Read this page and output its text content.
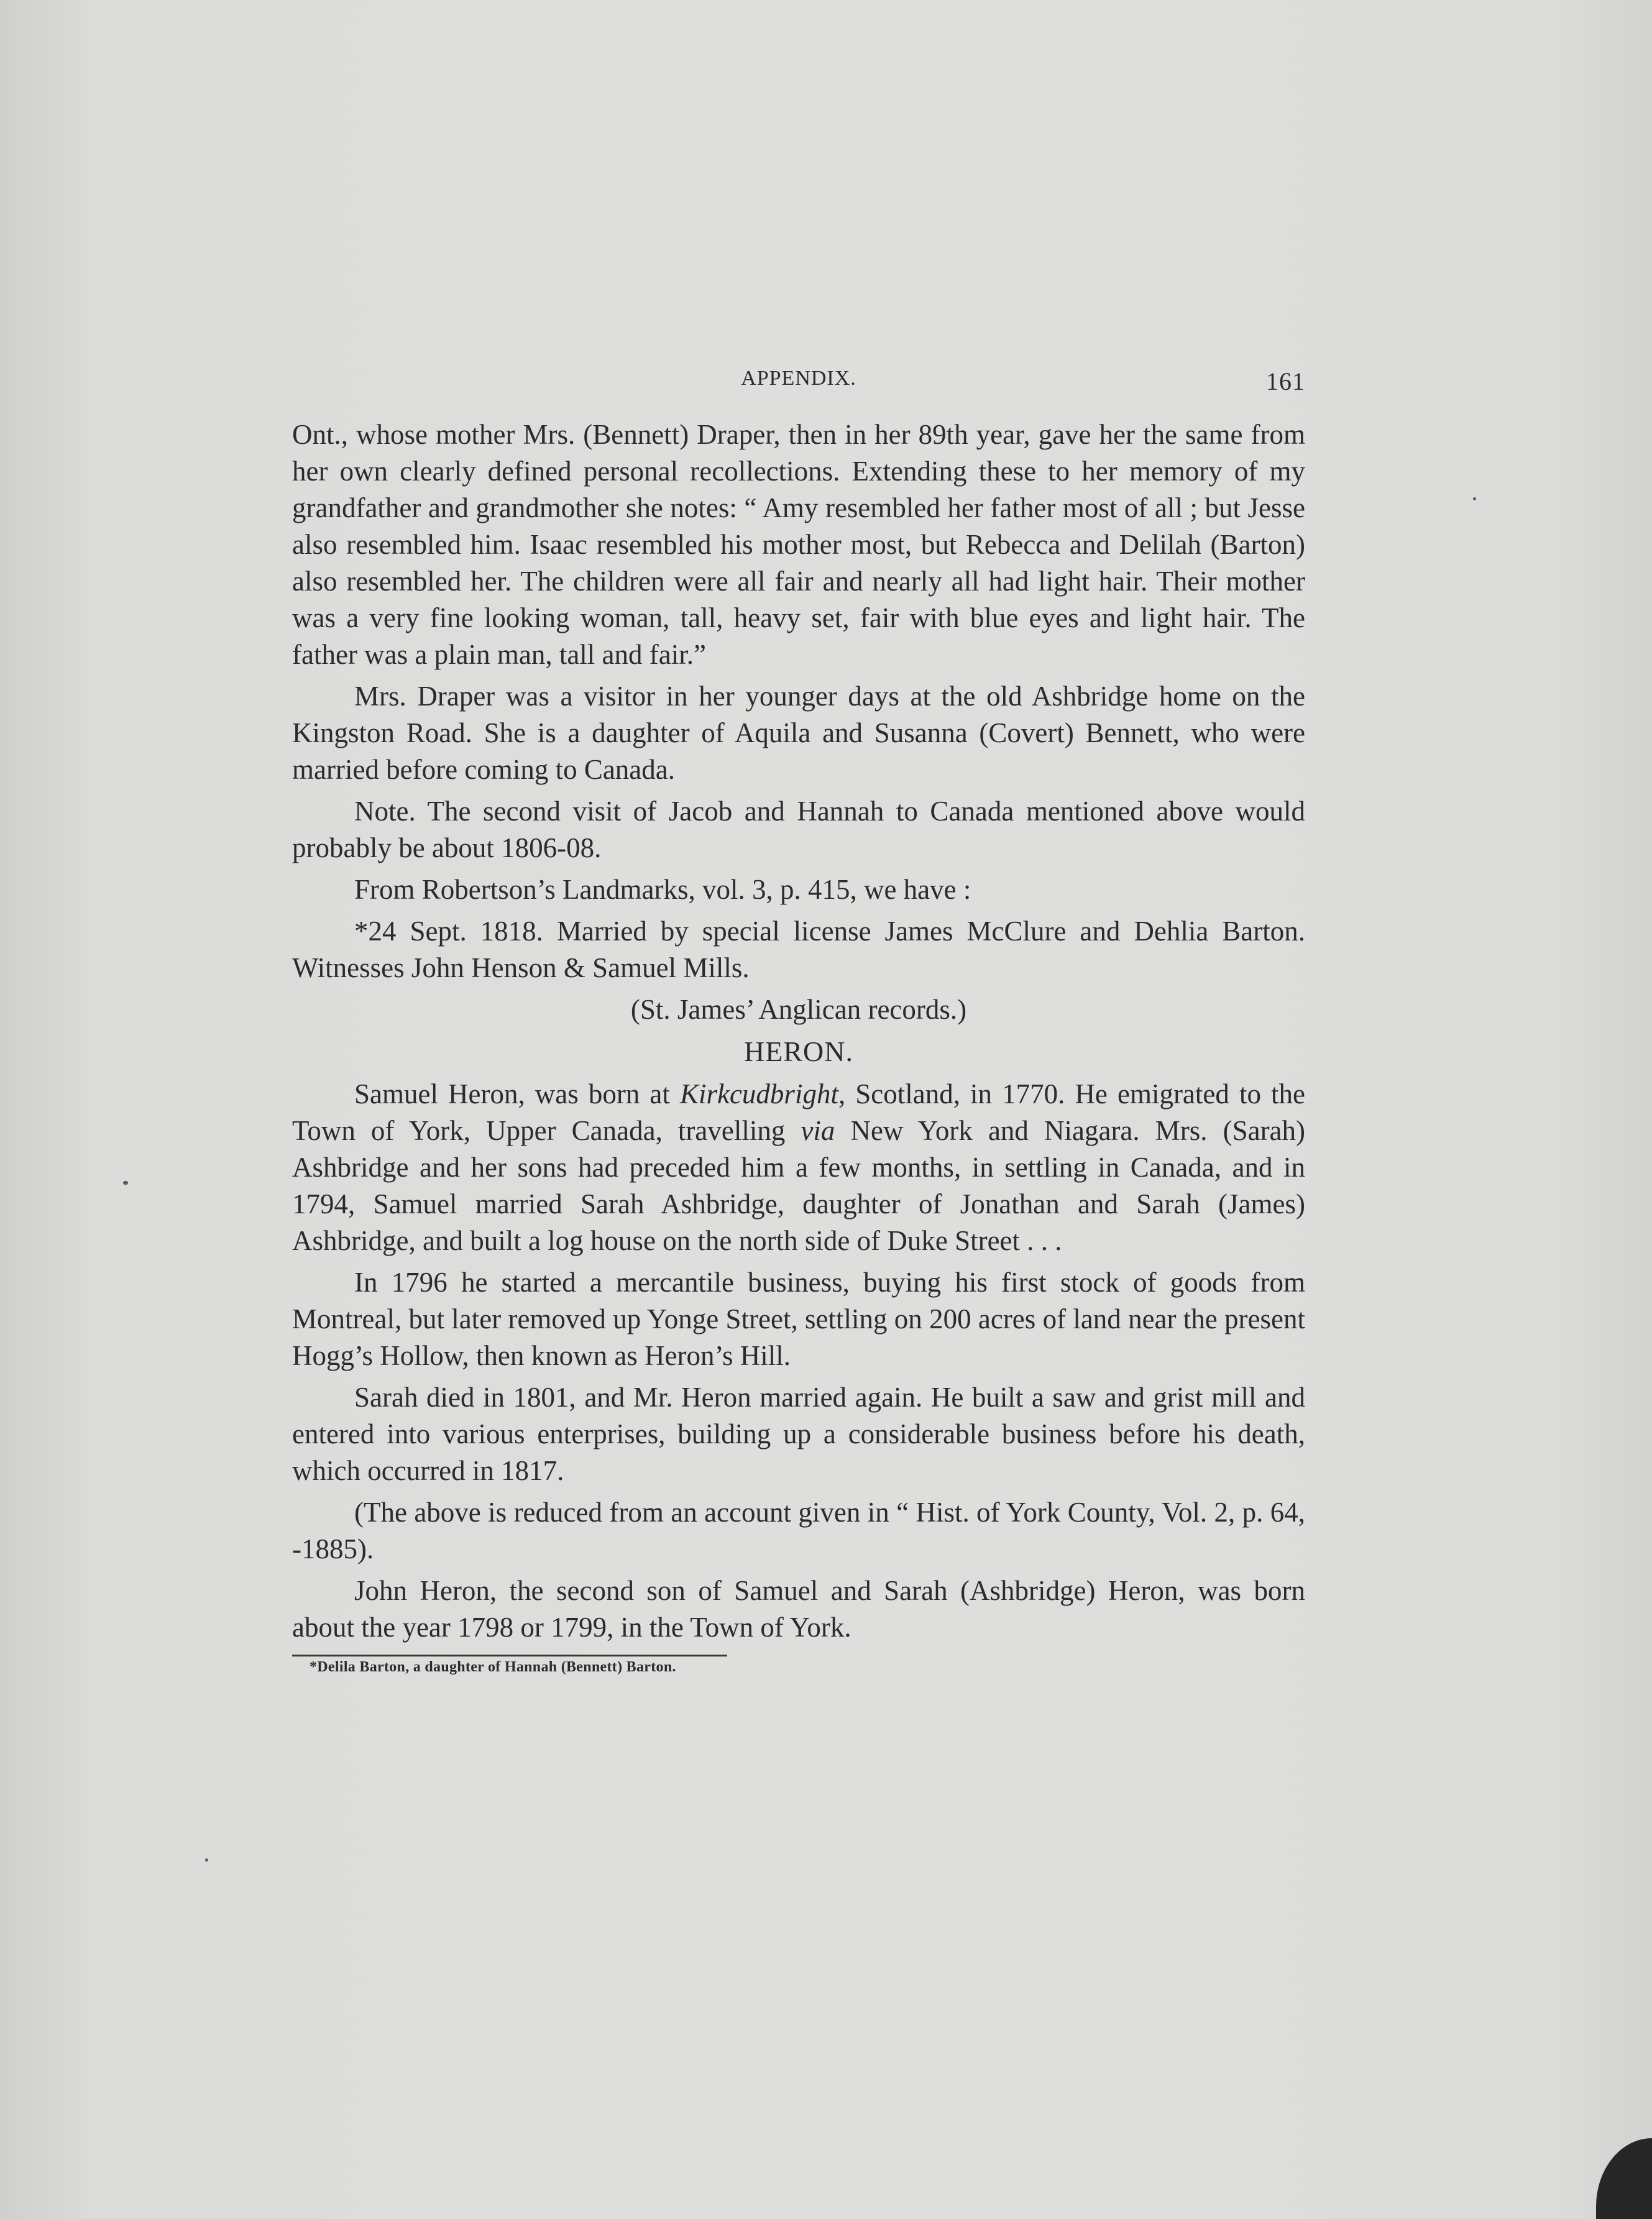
APPENDIX.	161

Ont., whose mother Mrs. (Bennett) Draper, then in her 89th year, gave her the same from her own clearly defined personal recollections. Extending these to her memory of my grandfather and grandmother she notes: “ Amy resembled her father most of all ; but Jesse also resembled him. Isaac resembled his mother most, but Rebecca and Delilah (Barton) also resembled her. The children were all fair and nearly all had light hair. Their mother was a very fine looking woman, tall, heavy set, fair with blue eyes and light hair. The father was a plain man, tall and fair.”

Mrs. Draper was a visitor in her younger days at the old Ashbridge home on the Kingston Road. She is a daughter of Aquila and Susanna (Covert) Bennett, who were married before coming to Canada.

Note. The second visit of Jacob and Hannah to Canada mentioned above would probably be about 1806-08.

From Robertson’s Landmarks, vol. 3, p. 415, we have :

*24 Sept. 1818. Married by special license James McClure and Dehlia Barton. Witnesses John Henson & Samuel Mills.

(St. James’ Anglican records.)

HERON.

Samuel Heron, was born at Kirkcudbright, Scotland, in 1770. He emigrated to the Town of York, Upper Canada, travelling via New York and Niagara. Mrs. (Sarah) Ashbridge and her sons had preceded him a few months, in settling in Canada, and in 1794, Samuel married Sarah Ashbridge, daughter of Jonathan and Sarah (James) Ashbridge, and built a log house on the north side of Duke Street . . .

In 1796 he started a mercantile business, buying his first stock of goods from Montreal, but later removed up Yonge Street, settling on 200 acres of land near the present Hogg’s Hollow, then known as Heron’s Hill.

Sarah died in 1801, and Mr. Heron married again. He built a saw and grist mill and entered into various enterprises, building up a considerable business before his death, which occurred in 1817.

(The above is reduced from an account given in “ Hist. of York County, Vol. 2, p. 64, -1885).

John Heron, the second son of Samuel and Sarah (Ashbridge) Heron, was born about the year 1798 or 1799, in the Town of York.

*Delila Barton, a daughter of Hannah (Bennett) Barton.
